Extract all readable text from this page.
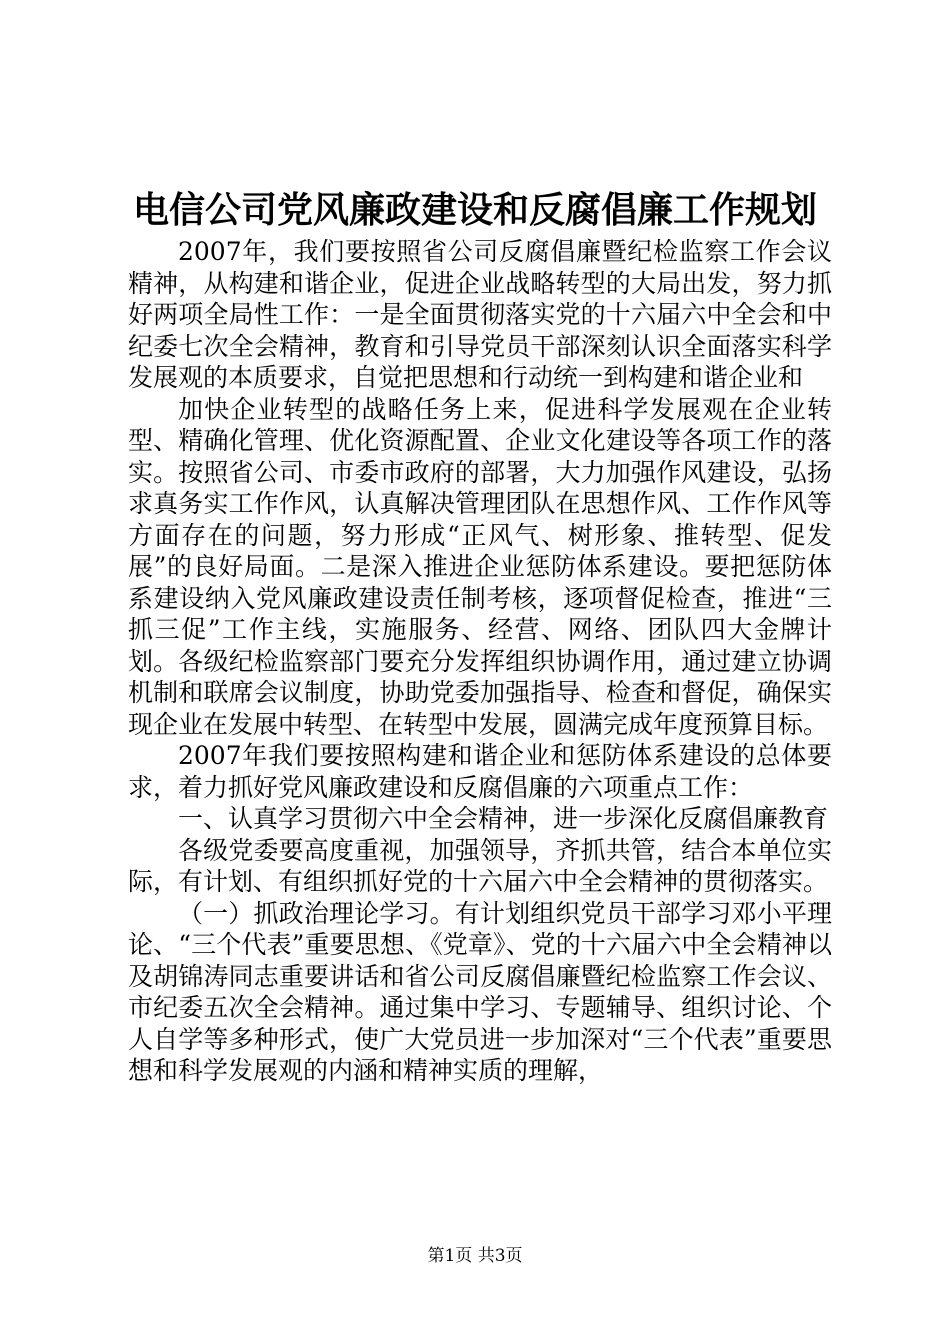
电信公司党风廉政建设和反腐倡廉工作规划

2007年，我们要按照省公司反腐倡廉暨纪检监察工作会议精神，从构建和谐企业，促进企业战略转型的大局出发，努力抓好两项全局性工作：一是全面贯彻落实党的十六届六中全会和中纪委七次全会精神，教育和引导党员干部深刻认识全面落实科学发展观的本质要求，自觉把思想和行动统一到构建和谐企业和

加快企业转型的战略任务上来，促进科学发展观在企业转型、精确化管理、优化资源配置、企业文化建设等各项工作的落实。按照省公司、市委市政府的部署，大力加强作风建设，弘扬求真务实工作作风，认真解决管理团队在思想作风、工作作风等方面存在的问题，努力形成“正风气、树形象、推转型、促发展”的良好局面。二是深入推进企业惩防体系建设。要把惩防体系建设纳入党风廉政建设责任制考核，逐项督促检查，推进“三抓三促”工作主线，实施服务、经营、网络、团队四大金牌计划。各级纪检监察部门要充分发挥组织协调作用，通过建立协调机制和联席会议制度，协助党委加强指导、检查和督促，确保实现企业在发展中转型、在转型中发展，圆满完成年度预算目标。

2007年我们要按照构建和谐企业和惩防体系建设的总体要求，着力抓好党风廉政建设和反腐倡廉的六项重点工作：

一、认真学习贯彻六中全会精神，进一步深化反腐倡廉教育

各级党委要高度重视，加强领导，齐抓共管，结合本单位实际，有计划、有组织抓好党的十六届六中全会精神的贯彻落实。

（一）抓政治理论学习。有计划组织党员干部学习邓小平理论、“三个代表”重要思想、《党章》、党的十六届六中全会精神以及胡锦涛同志重要讲话和省公司反腐倡廉暨纪检监察工作会议、市纪委五次全会精神。通过集中学习、专题辅导、组织讨论、个人自学等多种形式，使广大党员进一步加深对“三个代表”重要思想和科学发展观的内涵和精神实质的理解，

第1页 共3页
